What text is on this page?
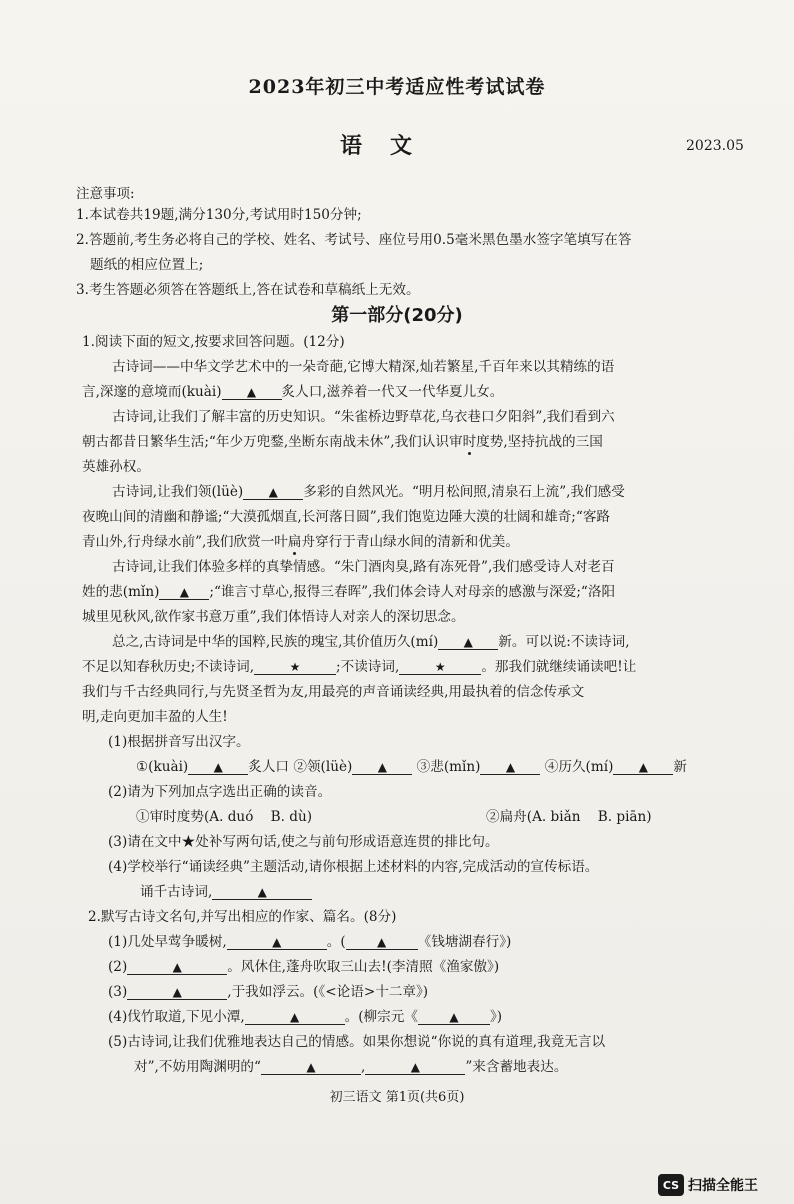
2023年初三中考适应性考试试卷
语 文	2023.05
注意事项:
1.本试卷共19题,满分130分,考试用时150分钟;
2.答题前,考生务必将自己的学校、姓名、考试号、座位号用0.5毫米黑色墨水签字笔填写在答
题纸的相应位置上;
3.考生答题必须答在答题纸上,答在试卷和草稿纸上无效。
第一部分(20分)
1.阅读下面的短文,按要求回答问题。(12分)
古诗词——中华文学艺术中的一朵奇葩,它博大精深,灿若繁星,千百年来以其精练的语
言,深邃的意境而(kuài) ▲ 炙人口,滋养着一代又一代华夏儿女。
古诗词,让我们了解丰富的历史知识。“朱雀桥边野草花,乌衣巷口夕阳斜”,我们看到六
朝古都昔日繁华生活;“年少万兜鍪,坐断东南战未休”,我们认识审时度势,坚持抗战的三国
英雄孙权。
古诗词,让我们领(lüè) ▲ 多彩的自然风光。“明月松间照,清泉石上流”,我们感受
夜晚山间的清幽和静谧;“大漠孤烟直,长河落日圆”,我们饱览边陲大漠的壮阔和雄奇;“客路
青山外,行舟绿水前”,我们欣赏一叶扁舟穿行于青山绿水间的清新和优美。
古诗词,让我们体验多样的真挚情感。“朱门酒肉臭,路有冻死骨”,我们感受诗人对老百
姓的悲(mǐn) ▲ ;“谁言寸草心,报得三春晖”,我们体会诗人对母亲的感激与深爱;“洛阳
城里见秋风,欲作家书意万重”,我们体悟诗人对亲人的深切思念。
总之,古诗词是中华的国粹,民族的瑰宝,其价值历久(mí) ▲ 新。可以说:不读诗词,
不足以知春秋历史;不读诗词,	★	;不读诗词,	★	。那我们就继续诵读吧!让
我们与千古经典同行,与先贤圣哲为友,用最亮的声音诵读经典,用最执着的信念传承文
明,走向更加丰盈的人生!
(1)根据拼音写出汉字。
①(kuài) ▲ 炙人口 ②领(lüè) ▲ ③悲(mǐn) ▲ ④历久(mí) ▲ 新
(2)请为下列加点字选出正确的读音。
①审时度势(A. duó B. dù)	②扁舟(A. biǎn B. piān)
(3)请在文中★处补写两句话,使之与前句形成语意连贯的排比句。
(4)学校举行“诵读经典”主题活动,请你根据上述材料的内容,完成活动的宣传标语。
诵千古诗词,	▲
2.默写古诗文名句,并写出相应的作家、篇名。(8分)
(1)几处早莺争暖树,	▲	。(	▲ 《钱塘湖春行》)
(2)	▲	。风休住,蓬舟吹取三山去!(李清照《渔家傲》)
(3)	▲	,于我如浮云。(《<论语>十二章》)
(4)伐竹取道,下见小潭,	▲	。(柳宗元《	▲ 》)
(5)古诗词,让我们优雅地表达自己的情感。如果你想说“你说的真有道理,我竟无言以
对”,不妨用陶渊明的“	▲	,	▲	”来含蓄地表达。
初三语文 第1页(共6页)
CS 扫描全能王
